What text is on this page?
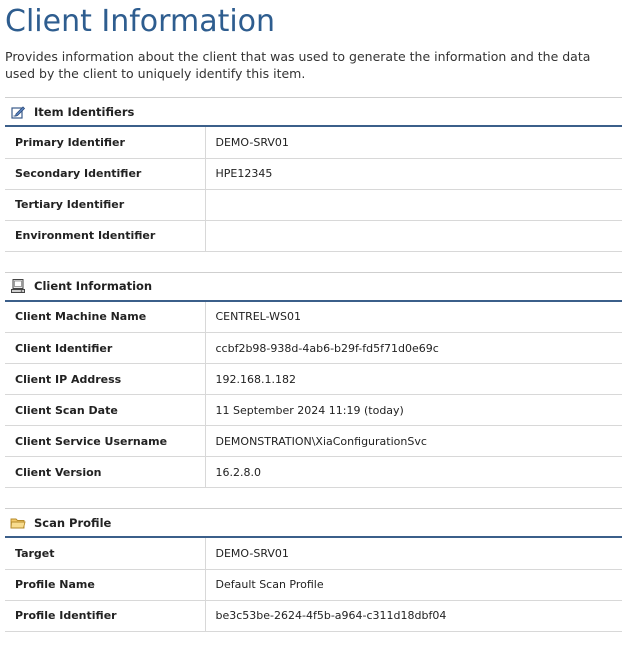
Client Information

Provides information about the client that was used to generate the information and the data used by the client to uniquely identify this item.

Item Identifiers
Primary Identifier	DEMO-SRV01
Secondary Identifier	HPE12345
Tertiary Identifier	
Environment Identifier	
Client Information
Client Machine Name	CENTREL-WS01
Client Identifier	ccbf2b98-938d-4ab6-b29f-fd5f71d0e69c
Client IP Address	192.168.1.182
Client Scan Date	11 September 2024 11:19 (today)
Client Service Username	DEMONSTRATION\XiaConfigurationSvc
Client Version	16.2.8.0
Scan Profile
Target	DEMO-SRV01
Profile Name	Default Scan Profile
Profile Identifier	be3c53be-2624-4f5b-a964-c311d18dbf04
